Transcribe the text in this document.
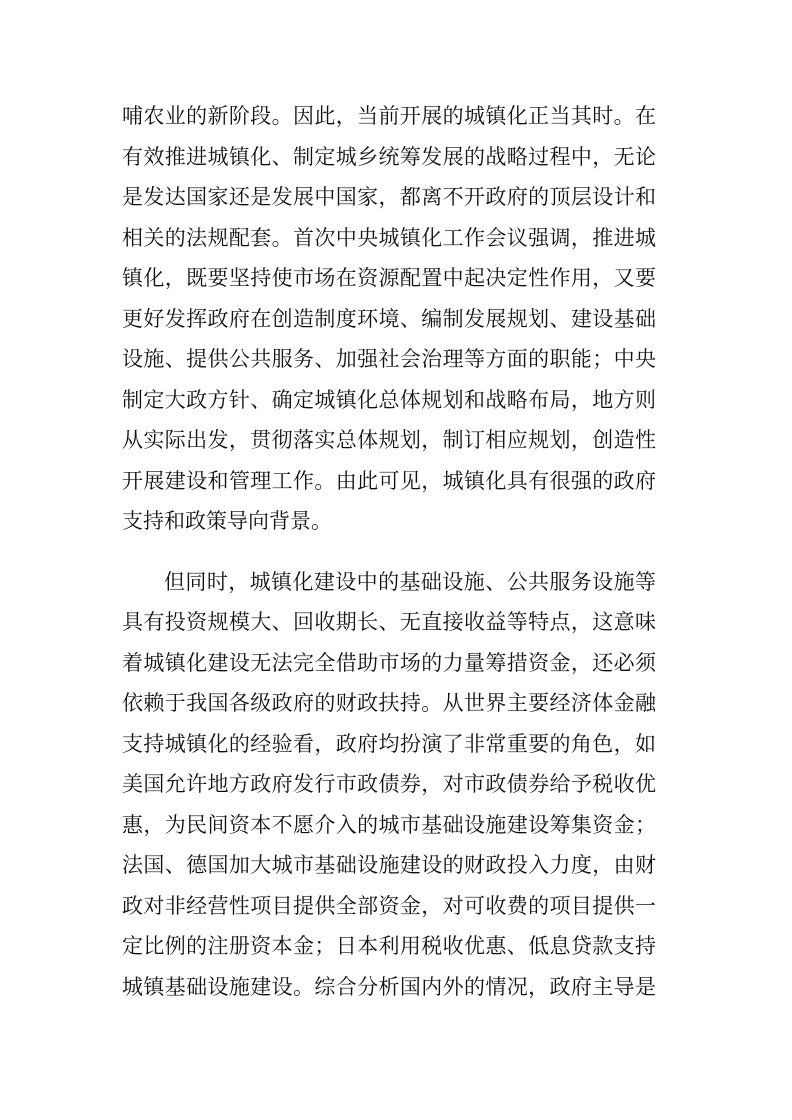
哺农业的新阶段。因此，当前开展的城镇化正当其时。在
有效推进城镇化、制定城乡统筹发展的战略过程中，无论
是发达国家还是发展中国家，都离不开政府的顶层设计和
相关的法规配套。首次中央城镇化工作会议强调，推进城
镇化，既要坚持使市场在资源配置中起决定性作用，又要
更好发挥政府在创造制度环境、编制发展规划、建设基础
设施、提供公共服务、加强社会治理等方面的职能；中央
制定大政方针、确定城镇化总体规划和战略布局，地方则
从实际出发，贯彻落实总体规划，制订相应规划，创造性
开展建设和管理工作。由此可见，城镇化具有很强的政府
支持和政策导向背景。
但同时，城镇化建设中的基础设施、公共服务设施等
具有投资规模大、回收期长、无直接收益等特点，这意味
着城镇化建设无法完全借助市场的力量筹措资金，还必须
依赖于我国各级政府的财政扶持。从世界主要经济体金融
支持城镇化的经验看，政府均扮演了非常重要的角色，如
美国允许地方政府发行市政债券，对市政债券给予税收优
惠，为民间资本不愿介入的城市基础设施建设筹集资金；
法国、德国加大城市基础设施建设的财政投入力度，由财
政对非经营性项目提供全部资金，对可收费的项目提供一
定比例的注册资本金；日本利用税收优惠、低息贷款支持
城镇基础设施建设。综合分析国内外的情况，政府主导是
